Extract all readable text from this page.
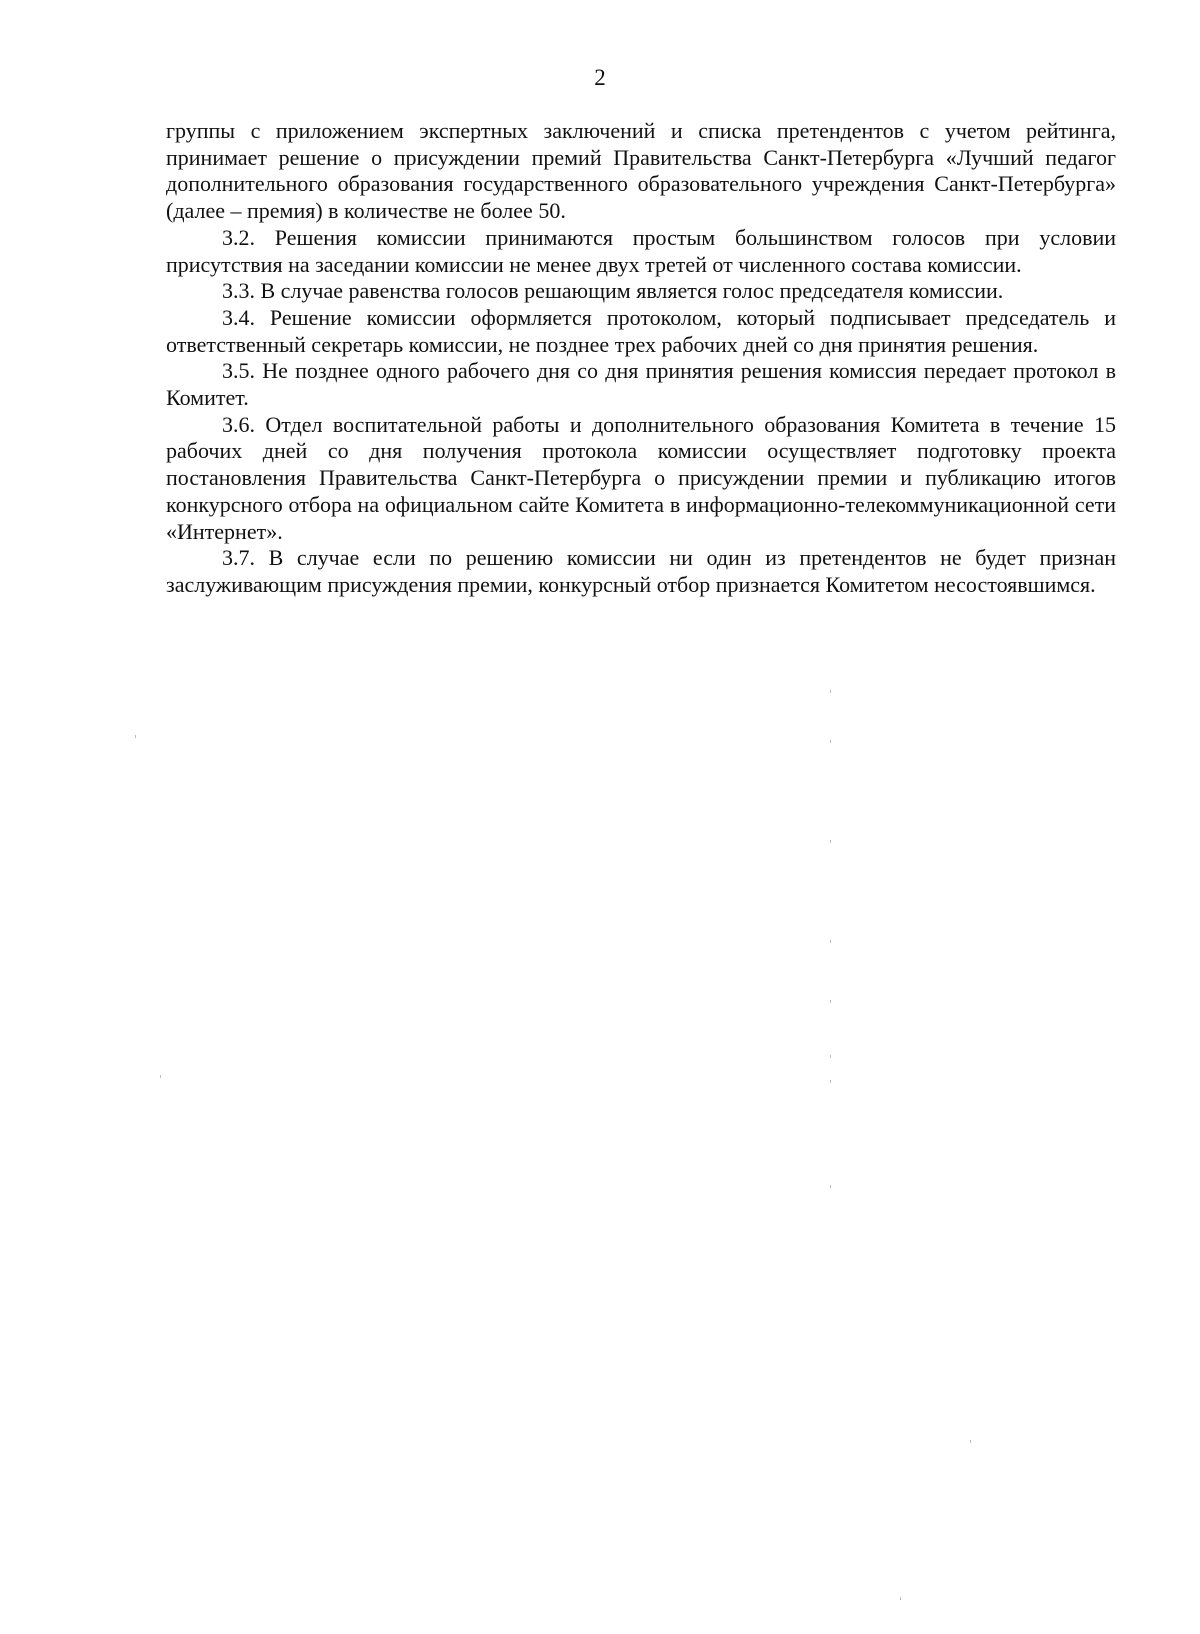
2

группы с приложением экспертных заключений и списка претендентов с учетом рейтинга, принимает решение о присуждении премий Правительства Санкт-Петербурга «Лучший педагог дополнительного образования государственного образовательного учреждения Санкт-Петербурга» (далее – премия) в количестве не более 50.

3.2. Решения комиссии принимаются простым большинством голосов при условии присутствия на заседании комиссии не менее двух третей от численного состава комиссии.

3.3. В случае равенства голосов решающим является голос председателя комиссии.

3.4. Решение комиссии оформляется протоколом, который подписывает председатель и ответственный секретарь комиссии, не позднее трех рабочих дней со дня принятия решения.

3.5. Не позднее одного рабочего дня со дня принятия решения комиссия передает протокол в Комитет.

3.6. Отдел воспитательной работы и дополнительного образования Комитета в течение 15 рабочих дней со дня получения протокола комиссии осуществляет подготовку проекта постановления Правительства Санкт-Петербурга о присуждении премии и публикацию итогов конкурсного отбора на официальном сайте Комитета в информационно-телекоммуникационной сети «Интернет».

3.7. В случае если по решению комиссии ни один из претендентов не будет признан заслуживающим присуждения премии, конкурсный отбор признается Комитетом несостоявшимся.
